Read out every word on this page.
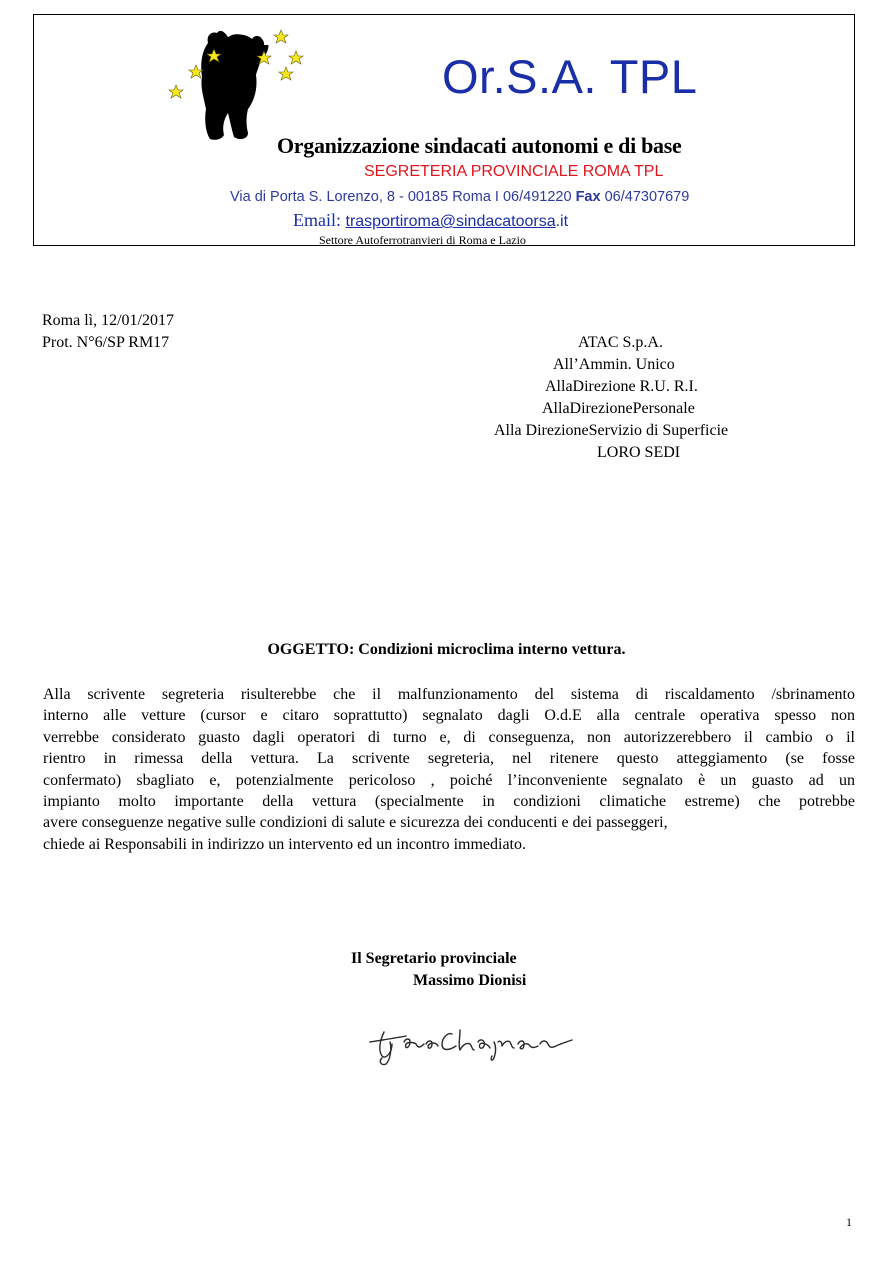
Or.S.A. TPL
Organizzazione sindacati autonomi e di base
SEGRETERIA PROVINCIALE ROMA TPL
Via di Porta S. Lorenzo, 8 - 00185 Roma I 06/491220 Fax 06/47307679
Email: trasportiroma@sindacatoorsa.it
Settore Autoferrotranvieri di Roma e Lazio
Roma lì, 12/01/2017
Prot. N°6/SP RM17	ATAC S.p.A.
All’Ammin. Unico
AllaDirezione R.U. R.I.
AllaDirezionePersonale
Alla DirezioneServizio di Superficie
LORO SEDI
OGGETTO: Condizioni microclima interno vettura.
Alla scrivente segreteria risulterebbe che il malfunzionamento del sistema di riscaldamento /sbrinamento
interno alle vetture (cursor e citaro soprattutto) segnalato dagli O.d.E alla centrale operativa spesso non
verrebbe considerato guasto dagli operatori di turno e, di conseguenza, non autorizzerebbero il cambio o il
rientro in rimessa della vettura. La scrivente segreteria, nel ritenere questo atteggiamento (se fosse
confermato) sbagliato e, potenzialmente pericoloso , poiché l’inconveniente segnalato è un guasto ad un
impianto molto importante della vettura (specialmente in condizioni climatiche estreme) che potrebbe
avere conseguenze negative sulle condizioni di salute e sicurezza dei conducenti e dei passeggeri,
chiede ai Responsabili in indirizzo un intervento ed un incontro immediato.
Il Segretario provinciale
Massimo Dionisi
1
